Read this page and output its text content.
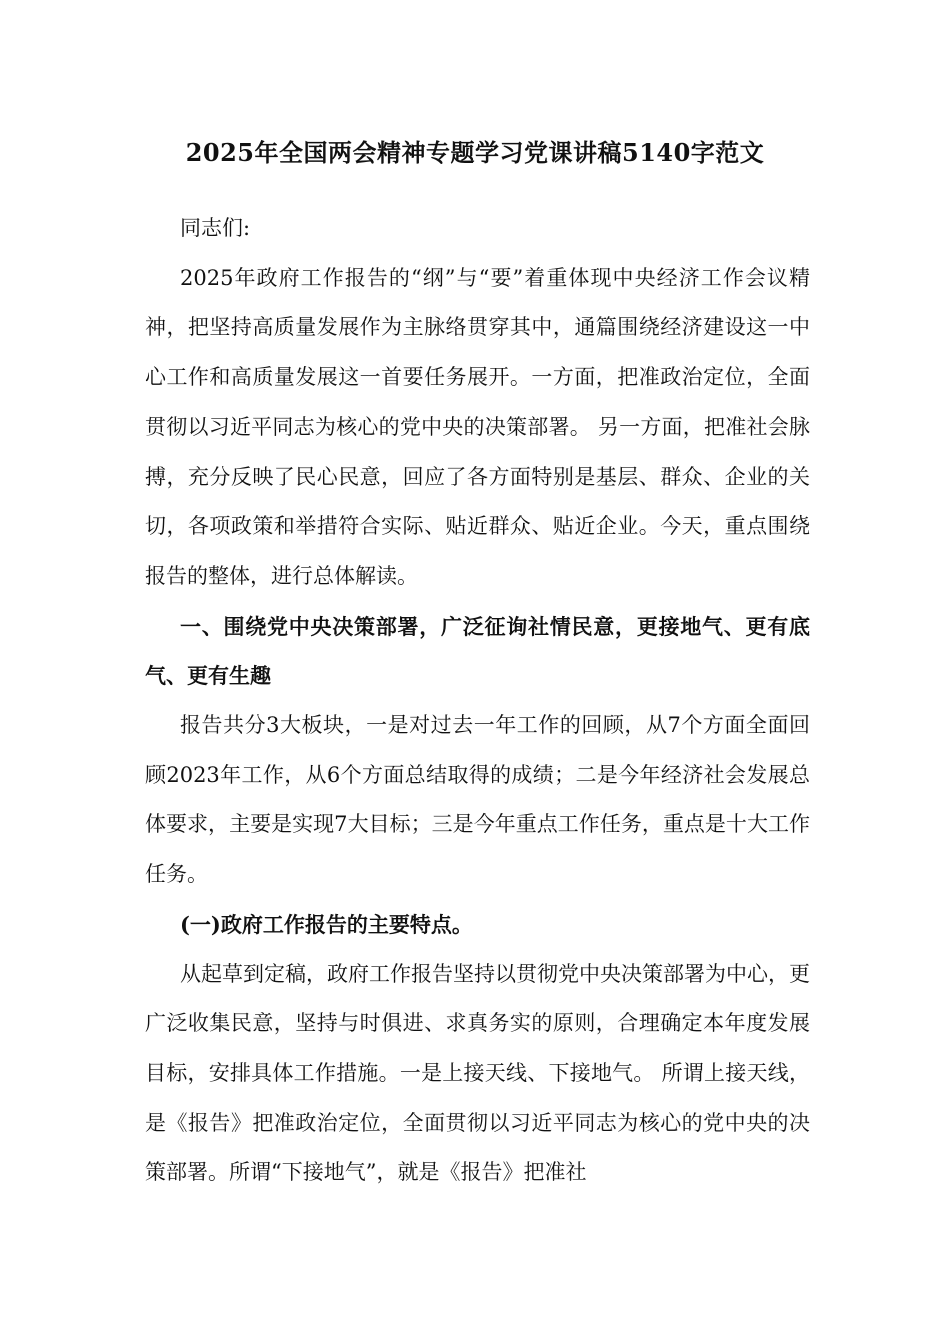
2025年全国两会精神专题学习党课讲稿5140字范文

同志们:

2025年政府工作报告的“纲”与“要”着重体现中央经济工作会议精神，把坚持高质量发展作为主脉络贯穿其中，通篇围绕经济建设这一中心工作和高质量发展这一首要任务展开。一方面，把准政治定位，全面贯彻以习近平同志为核心的党中央的决策部署。 另一方面，把准社会脉搏，充分反映了民心民意，回应了各方面特别是基层、群众、企业的关切，各项政策和举措符合实际、贴近群众、贴近企业。今天，重点围绕报告的整体，进行总体解读。

一、围绕党中央决策部署，广泛征询社情民意，更接地气、更有底气、更有生趣

报告共分3大板块，一是对过去一年工作的回顾，从7个方面全面回顾2023年工作，从6个方面总结取得的成绩；二是今年经济社会发展总体要求，主要是实现7大目标；三是今年重点工作任务，重点是十大工作任务。

(一)政府工作报告的主要特点。

从起草到定稿，政府工作报告坚持以贯彻党中央决策部署为中心，更广泛收集民意，坚持与时俱进、求真务实的原则，合理确定本年度发展目标，安排具体工作措施。一是上接天线、下接地气。 所谓上接天线，是《报告》把准政治定位，全面贯彻以习近平同志为核心的党中央的决策部署。所谓“下接地气”，就是《报告》把准社
